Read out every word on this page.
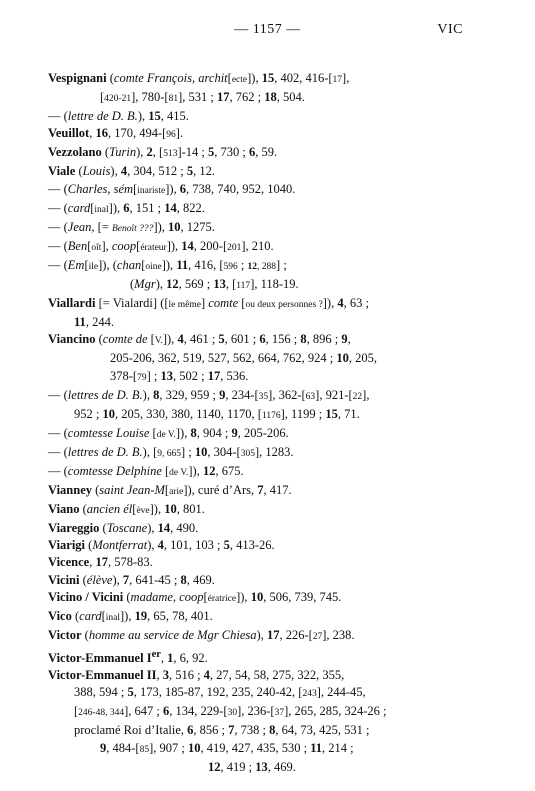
— 1157 —	VIC
Vespignani (comte François, archit[ecte]), 15, 402, 416-[17],
[420-21], 780-[81], 531 ; 17, 762 ; 18, 504.
— (lettre de D. B.), 15, 415.
Veuillot, 16, 170, 494-[96].
Vezzolano (Turin), 2, [513]-14 ; 5, 730 ; 6, 59.
Viale (Louis), 4, 304, 512 ; 5, 12.
— (Charles, sém[inariste]), 6, 738, 740, 952, 1040.
— (card[inal]), 6, 151 ; 14, 822.
— (Jean, [= Benoît ???]), 10, 1275.
— (Ben[oît], coop[érateur]), 14, 200-[201], 210.
— (Em[ile]), (chan[oine]), 11, 416, [596 ; 12, 288] ;
(Mgr), 12, 569 ; 13, [117], 118-19.
Viallardi [= Vialardi] ([le même] comte [ou deux personnes ?]), 4, 63 ;
11, 244.
Viancino (comte de [V.]), 4, 461 ; 5, 601 ; 6, 156 ; 8, 896 ; 9,
205-206, 362, 519, 527, 562, 664, 762, 924 ; 10, 205,
378-[79] ; 13, 502 ; 17, 536.
— (lettres de D. B.), 8, 329, 959 ; 9, 234-[35], 362-[63], 921-[22],
952 ; 10, 205, 330, 380, 1140, 1170, [1176], 1199 ; 15, 71.
— (comtesse Louise [de V.]), 8, 904 ; 9, 205-206.
— (lettres de D. B.), [9, 665] ; 10, 304-[305], 1283.
— (comtesse Delphine [de V.]), 12, 675.
Vianney (saint Jean-M[arie]), curé d’Ars, 7, 417.
Viano (ancien él[ève]), 10, 801.
Viareggio (Toscane), 14, 490.
Viarigi (Montferrat), 4, 101, 103 ; 5, 413-26.
Vicence, 17, 578-83.
Vicini (élève), 7, 641-45 ; 8, 469.
Vicino / Vicini (madame, coop[ératrice]), 10, 506, 739, 745.
Vico (card[inal]), 19, 65, 78, 401.
Victor (homme au service de Mgr Chiesa), 17, 226-[27], 238.
Victor-Emmanuel Ier, 1, 6, 92.
Victor-Emmanuel II, 3, 516 ; 4, 27, 54, 58, 275, 322, 355,
388, 594 ; 5, 173, 185-87, 192, 235, 240-42, [243], 244-45,
[246-48, 344], 647 ; 6, 134, 229-[30], 236-[37], 265, 285, 324-26 ;
proclamé Roi d’Italie, 6, 856 ; 7, 738 ; 8, 64, 73, 425, 531 ;
9, 484-[85], 907 ; 10, 419, 427, 435, 530 ; 11, 214 ;
12, 419 ; 13, 469.
